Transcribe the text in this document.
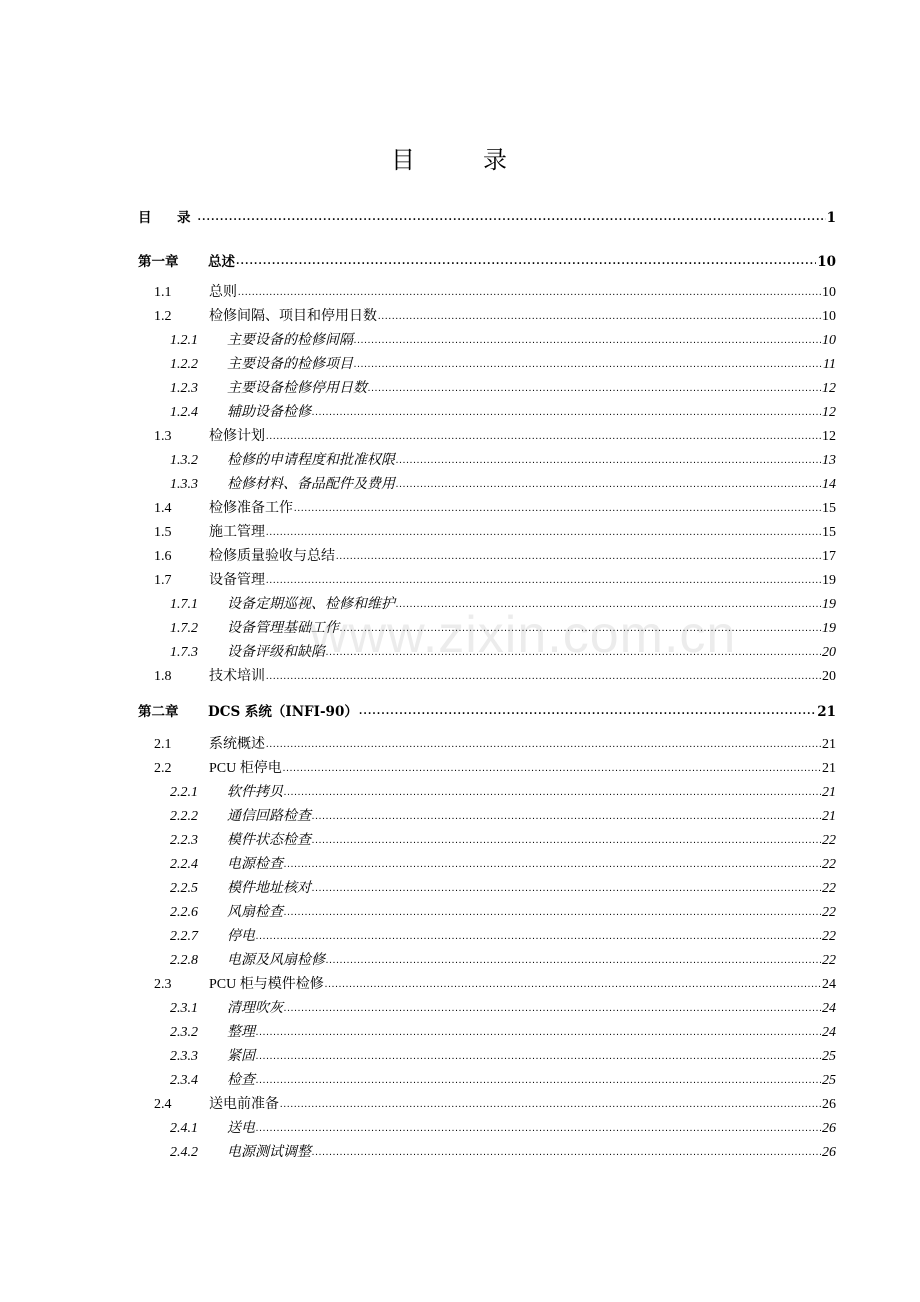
目　录
目　录 .....	1
第一章	总述 .....	10
1.1	总则 .....	10
1.2	检修间隔、项目和停用日数 .....	10
1.2.1	主要设备的检修间隔 .....	10
1.2.2	主要设备的检修项目 .....	11
1.2.3	主要设备检修停用日数 .....	12
1.2.4	辅助设备检修 .....	12
1.3	检修计划 .....	12
1.3.2	检修的申请程度和批准权限 .....	13
1.3.3	检修材料、备品配件及费用 .....	14
1.4	检修准备工作 .....	15
1.5	施工管理 .....	15
1.6	检修质量验收与总结 .....	17
1.7	设备管理 .....	19
1.7.1	设备定期巡视、检修和维护 .....	19
1.7.2	设备管理基础工作 .....	19
1.7.3	设备评级和缺陷 .....	20
1.8	技术培训 .....	20
第二章	DCS 系统（INFI-90） .....	21
2.1	系统概述 .....	21
2.2	PCU 柜停电 .....	21
2.2.1	软件拷贝 .....	21
2.2.2	通信回路检查 .....	21
2.2.3	模件状态检查 .....	22
2.2.4	电源检查 .....	22
2.2.5	模件地址核对 .....	22
2.2.6	风扇检查 .....	22
2.2.7	停电 .....	22
2.2.8	电源及风扇检修 .....	22
2.3	PCU 柜与模件检修 .....	24
2.3.1	清理吹灰 .....	24
2.3.2	整理 .....	24
2.3.3	紧固 .....	25
2.3.4	检查 .....	25
2.4	送电前准备 .....	26
2.4.1	送电 .....	26
2.4.2	电源测试调整 .....	26
www.zixin.com.cn
